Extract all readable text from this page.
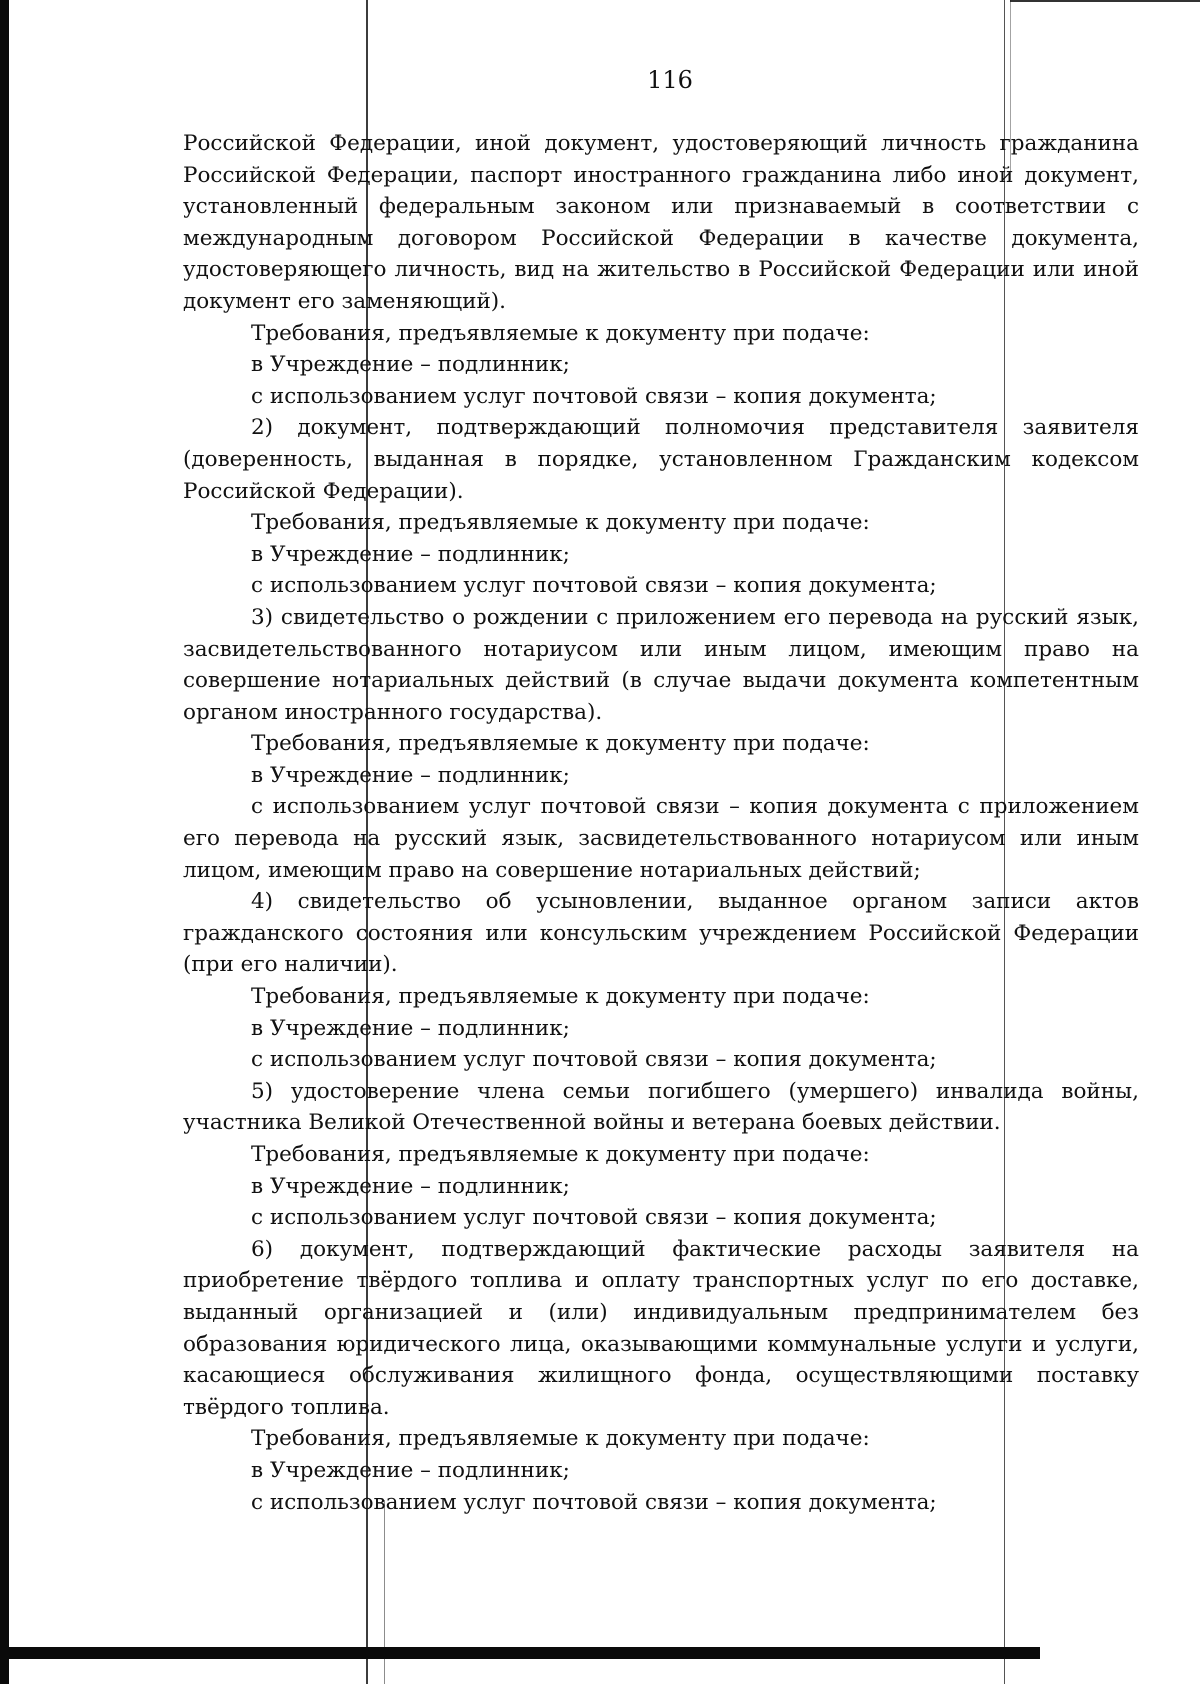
116

Российской Федерации, иной документ, удостоверяющий личность гражданина Российской Федерации, паспорт иностранного гражданина либо иной документ, установленный федеральным законом или признаваемый в соответствии с международным договором Российской Федерации в качестве документа, удостоверяющего личность, вид на жительство в Российской Федерации или иной документ его заменяющий).

Требования, предъявляемые к документу при подаче:

в Учреждение – подлинник;

с использованием услуг почтовой связи – копия документа;

2) документ, подтверждающий полномочия представителя заявителя (доверенность, выданная в порядке, установленном Гражданским кодексом Российской Федерации).

Требования, предъявляемые к документу при подаче:

в Учреждение – подлинник;

с использованием услуг почтовой связи – копия документа;

3) свидетельство о рождении с приложением его перевода на русский язык, засвидетельствованного нотариусом или иным лицом, имеющим право на совершение нотариальных действий (в случае выдачи документа компетентным органом иностранного государства).

Требования, предъявляемые к документу при подаче:

в Учреждение – подлинник;

с использованием услуг почтовой связи – копия документа с приложением его перевода на русский язык, засвидетельствованного нотариусом или иным лицом, имеющим право на совершение нотариальных действий;

4) свидетельство об усыновлении, выданное органом записи актов гражданского состояния или консульским учреждением Российской Федерации (при его наличии).

Требования, предъявляемые к документу при подаче:

в Учреждение – подлинник;

с использованием услуг почтовой связи – копия документа;

5) удостоверение члена семьи погибшего (умершего) инвалида войны, участника Великой Отечественной войны и ветерана боевых действии.

Требования, предъявляемые к документу при подаче:

в Учреждение – подлинник;

с использованием услуг почтовой связи – копия документа;

6) документ, подтверждающий фактические расходы заявителя на приобретение твёрдого топлива и оплату транспортных услуг по его доставке, выданный организацией и (или) индивидуальным предпринимателем без образования юридического лица, оказывающими коммунальные услуги и услуги, касающиеся обслуживания жилищного фонда, осуществляющими поставку твёрдого топлива.

Требования, предъявляемые к документу при подаче:

в Учреждение – подлинник;

с использованием услуг почтовой связи – копия документа;
